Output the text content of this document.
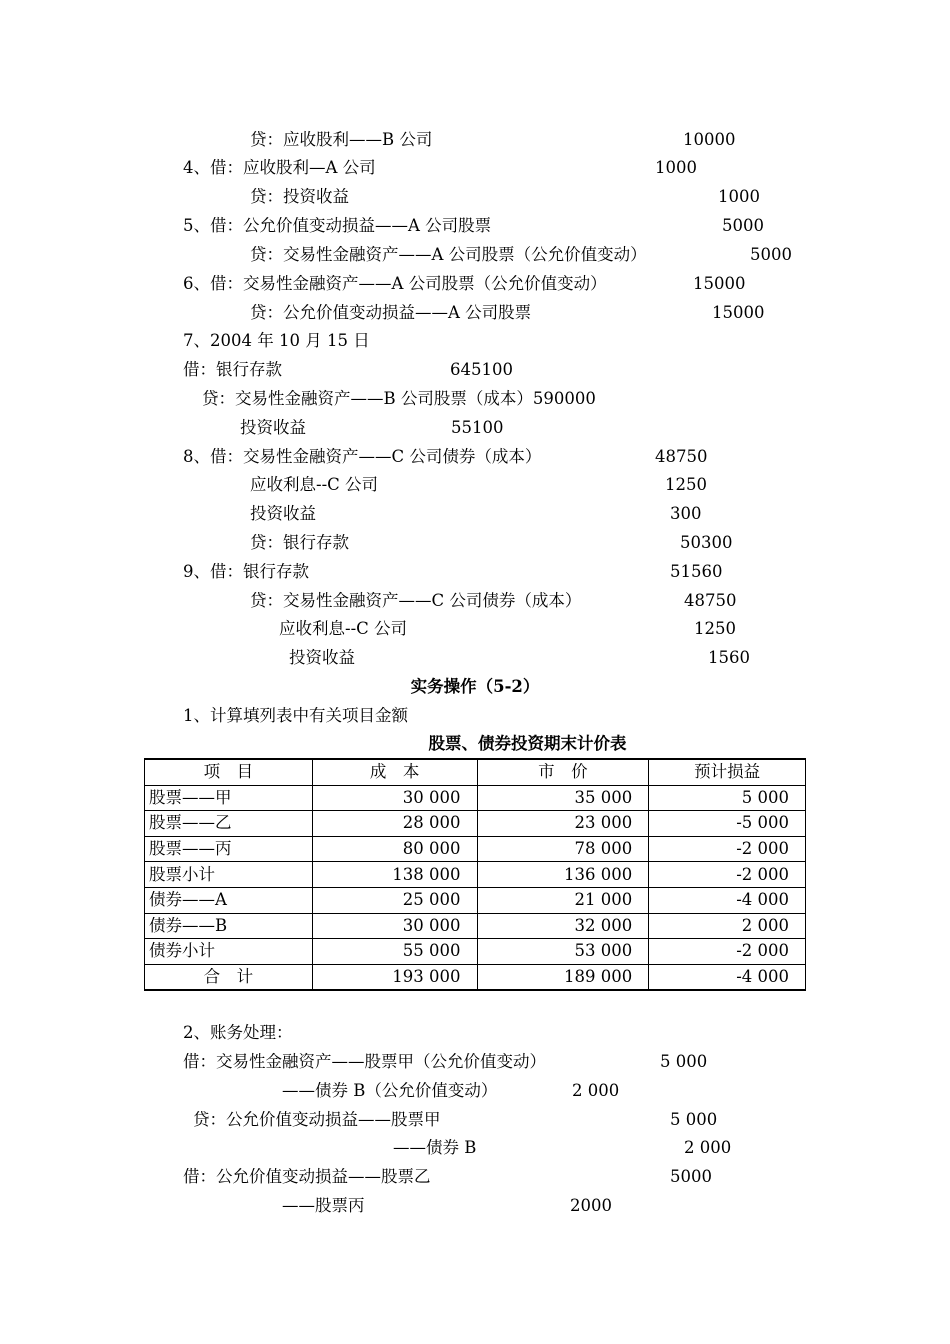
贷：应收股利——B 公司	10000
4、借：应收股利—A 公司	1000
贷：投资收益	1000
5、借：公允价值变动损益——A 公司股票	5000
贷：交易性金融资产——A 公司股票（公允价值变动）	5000
6、借：交易性金融资产——A 公司股票（公允价值变动）	15000
贷：公允价值变动损益——A 公司股票	15000
7、2004 年 10 月 15 日
借：银行存款	645100
贷：交易性金融资产——B 公司股票（成本）590000
投资收益	55100
8、借：交易性金融资产——C 公司债券（成本）	48750
应收利息--C 公司	1250
投资收益	300
贷：银行存款	50300
9、借：银行存款	51560
贷：交易性金融资产——C 公司债券（成本）	48750
应收利息--C 公司	1250
投资收益	1560
实务操作（5-2）
1、计算填列表中有关项目金额
股票、债券投资期末计价表
项　目	成　本	市　价	预计损益
股票——甲	30 000	35 000	5 000
股票——乙	28 000	23 000	-5 000
股票——丙	80 000	78 000	-2 000
股票小计	138 000	136 000	-2 000
债券——A	25 000	21 000	-4 000
债券——B	30 000	32 000	2 000
债券小计	55 000	53 000	-2 000
合　计	193 000	189 000	-4 000
2、账务处理：
借：交易性金融资产——股票甲（公允价值变动）	5 000
——债券 B（公允价值变动）	2 000
贷：公允价值变动损益——股票甲	5 000
——债券 B	2 000
借：公允价值变动损益——股票乙	5000
——股票丙	2000
